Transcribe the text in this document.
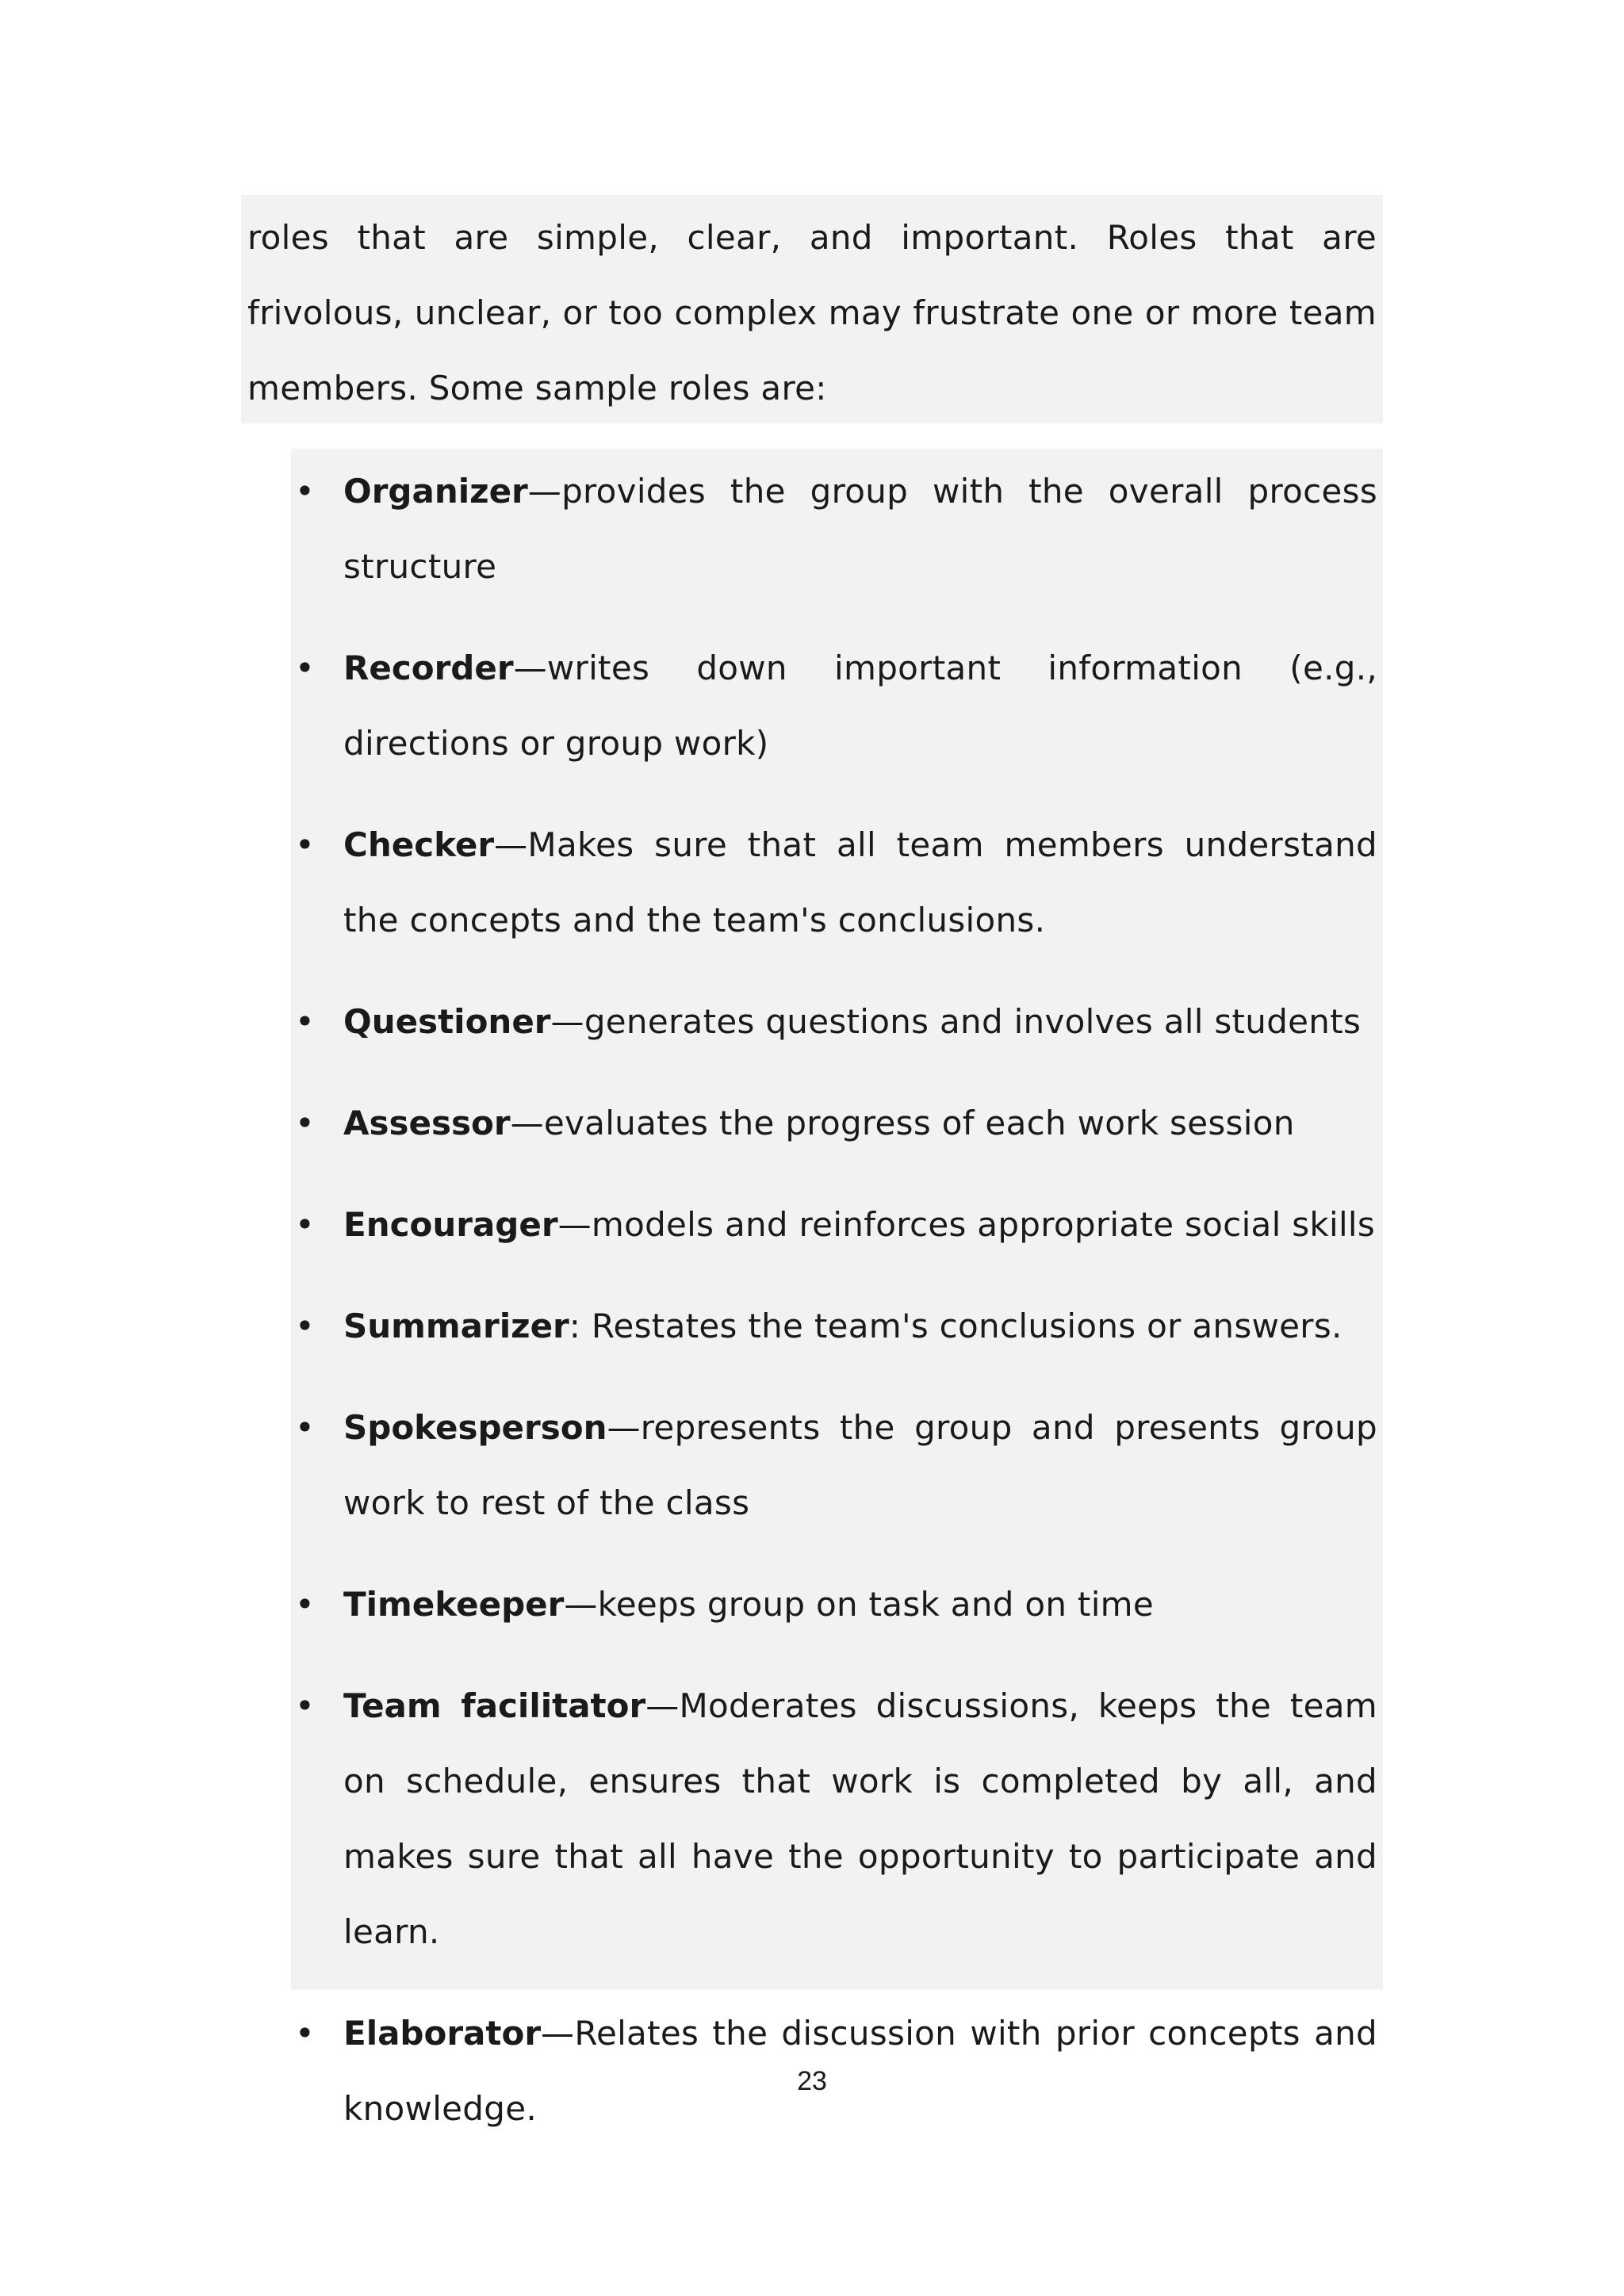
roles that are simple, clear, and important. Roles that are frivolous, unclear, or too complex may frustrate one or more team members. Some sample roles are:
• Organizer—provides the group with the overall process structure
• Recorder—writes down important information (e.g., directions or group work)
• Checker—Makes sure that all team members understand the concepts and the team's conclusions.
• Questioner—generates questions and involves all students
• Assessor—evaluates the progress of each work session
• Encourager—models and reinforces appropriate social skills
• Summarizer: Restates the team's conclusions or answers.
• Spokesperson—represents the group and presents group work to rest of the class
• Timekeeper—keeps group on task and on time
• Team facilitator—Moderates discussions, keeps the team on schedule, ensures that work is completed by all, and makes sure that all have the opportunity to participate and learn.
• Elaborator—Relates the discussion with prior concepts and knowledge.
23
